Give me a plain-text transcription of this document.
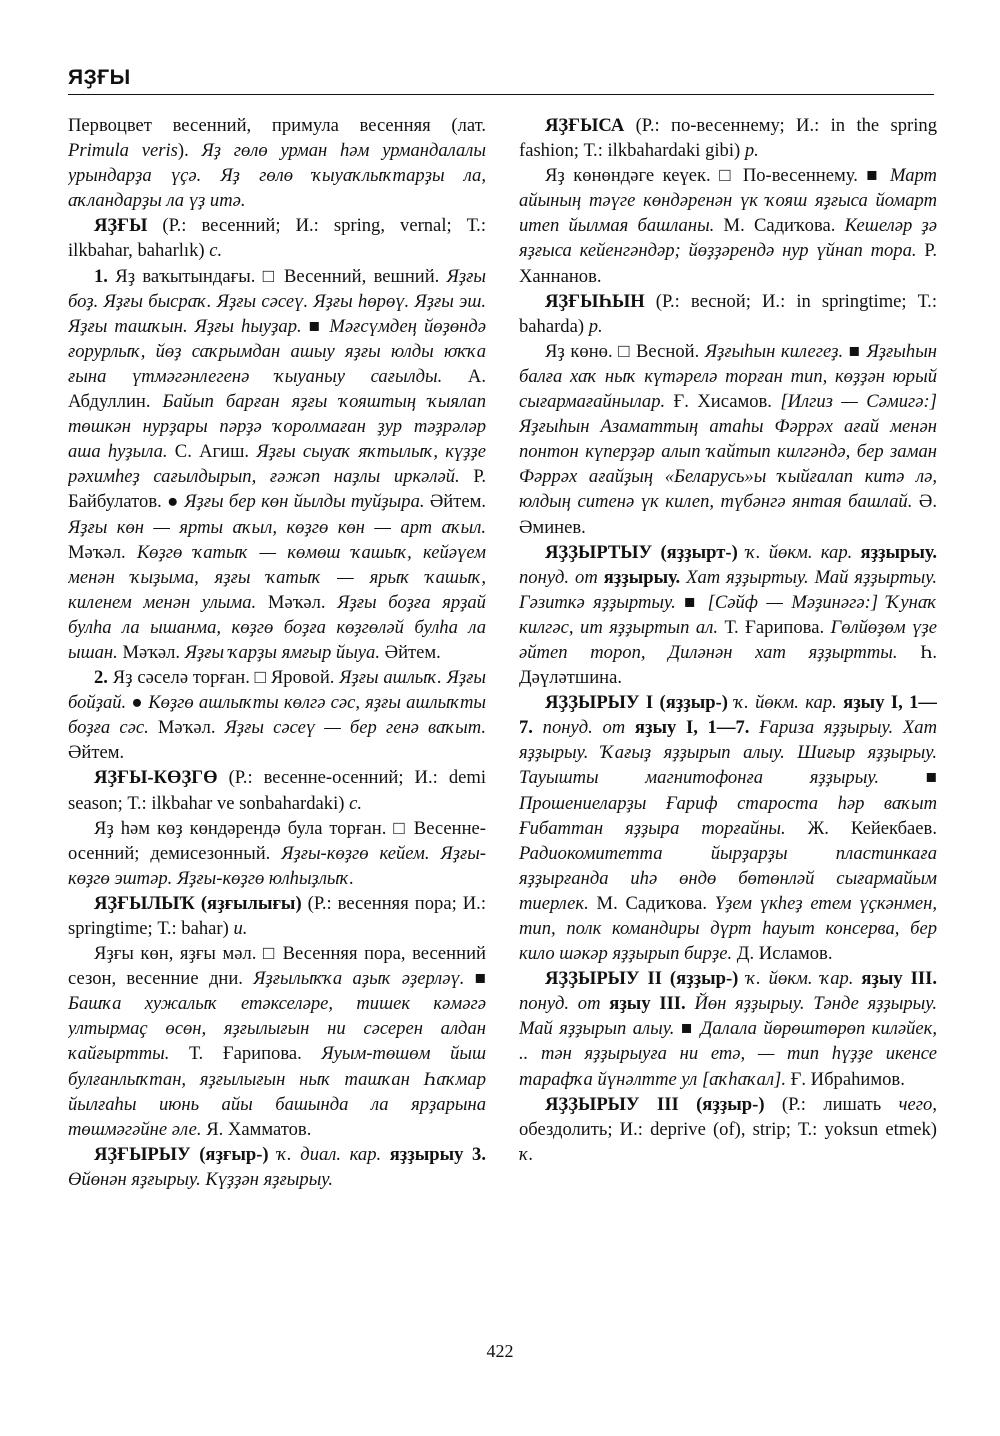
ЯҘҒЫ

Первоцвет весенний, примула весенняя (лат. Primula veris). Яҙ гөлө урман һәм урмандалалы урындарҙа үҫә. Яҙ гөлө ҡыуаҡлыҡтарҙы ла, аҡландарҙы ла үҙ итә.

ЯҘҒЫ (Р.: весенний; И.: spring, vernal; Т.: ilkbahar, baharlık) с.

1. Яҙ ваҡытындағы. □ Весенний, вешний. Яҙғы боҙ. Яҙғы бысраҡ. Яҙғы сәсеү. Яҙғы һөрөү. Яҙғы эш. Яҙғы ташҡын. Яҙғы һыуҙар. ■ Мәғсүмдең йөҙөндә ғорурлыҡ, йөҙ саҡрымдан ашыу яҙғы юлды юҡҡа ғына үтмәгәнлегенә ҡыуаныу сағылды. А. Абдуллин. Байып барған яҙғы ҡояштың ҡыялап төшкән нурҙары пәрҙә ҡоролмаған ҙур тәҙрәләр аша һуҙыла. С. Агиш. Яҙғы сыуаҡ яҡтылыҡ, күҙҙе рәхимһеҙ сағылдырып, ғәжәп наҙлы иркәләй. Р. Байбулатов. ● Яҙғы бер көн йылды туйҙыра. Әйтем. Яҙғы көн — ярты аҡыл, көҙгө көн — арт аҡыл. Мәҡәл. Көҙгө ҡатыҡ — көмөш ҡашыҡ, кейәүем менән ҡыҙыма, яҙғы ҡатыҡ — ярыҡ ҡашыҡ, киленем менән улыма. Мәҡәл. Яҙғы боҙға ярҙай булһа ла ышанма, көҙгө боҙға көҙгөләй булһа ла ышан. Мәҡәл. Яҙғы ҡарҙы ямғыр йыуа. Әйтем.

2. Яҙ сәселә торған. □ Яровой. Яҙғы ашлыҡ. Яҙғы бойҙай. ● Көҙгө ашлыҡты көлгә сәс, яҙғы ашлыҡты боҙға сәс. Мәҡәл. Яҙғы сәсеү — бер генә ваҡыт. Әйтем.

ЯҘҒЫ-КӨҘГӨ (Р.: весенне-осенний; И.: demi season; Т.: ilkbahar ve sonbahardaki) с.

Яҙ һәм көҙ көндәрендә була торған. □ Весенне-осенний; демисезонный. Яҙғы-көҙгө кейем. Яҙғы-көҙгө эштәр. Яҙғы-көҙгө юлһыҙлыҡ.

ЯҘҒЫЛЫҠ (яҙғылығы) (Р.: весенняя пора; И.: springtime; Т.: bahar) и.

Яҙғы көн, яҙғы мәл. □ Весенняя пора, весенний сезон, весенние дни. Яҙғылыҡҡа аҙыҡ әҙерләү. ■ Башҡа хужалыҡ етәкселәре, тишек кәмәгә ултырмаҫ өсөн, яҙғылығын ни сәсерен алдан ҡайғыртты. Т. Ғарипова. Яуым-төшөм йыш булғанлыҡтан, яҙғылығын ныҡ ташҡан Һаҡмар йылғаһы июнь айы башында ла ярҙарына төшмәгәйне әле. Я. Хамматов.

ЯҘҒЫРЫУ (яҙғыр-) ҡ. диал. кар. яҙҙырыу 3. Өйөнән яҙғырыу. Күҙҙән яҙғырыу.

ЯҘҒЫСА (Р.: по-весеннему; И.: in the spring fashion; Т.: ilkbahardaki gibi) р.

Яҙ көнөндәге кеүек. □ По-весеннему. ■ Март айының тәүге көндәренән үк ҡояш яҙғыса йомарт итеп йылмая башланы. М. Садиҡова. Кешеләр ҙә яҙғыса кейенгәндәр; йөҙҙәрендә нур үйнап тора. Р. Ханнанов.

ЯҘҒЫҺЫН (Р.: весной; И.: in springtime; Т.: baharda) р.

Яҙ көнө. □ Весной. Яҙғыһын килегеҙ. ■ Яҙғыһын балға хаҡ ныҡ күтәрелә торған тип, көҙҙән юрый сығармағайнылар. Ғ. Хисамов. [Илгиз — Сәмигә:] Яҙғыһын Азаматтың атаһы Фәррәх ағай менән понтон күперҙәр алып ҡайтып килгәндә, бер заман Фәррәх ағайҙың «Беларусь»ы ҡыйғалап китә лә, юлдың ситенә үк килеп, түбәнгә янтая башлай. Ә. Әминев.

ЯҘҘЫРТЫУ (яҙҙырт-) ҡ. йөкм. кар. яҙҙырыу. понуд. от яҙҙырыу. Хат яҙҙыртыу. Май яҙҙыртыу. Гәзиткә яҙҙыртыу. ■ [Сәйф — Мәҙинәгә:] Ҡунаҡ килгәс, ит яҙҙыртып ал. Т. Ғарипова. Гөлйөҙөм үҙе әйтеп тороп, Диләнән хат яҙҙыртты. Һ. Дәүләтшина.

ЯҘҘЫРЫУ I (яҙҙыр-) ҡ. йөкм. кар. яҙыу I, 1—7. понуд. от яҙыу I, 1—7. Ғариза яҙҙырыу. Хат яҙҙырыу. Ҡағыҙ яҙҙырып алыу. Шиғыр яҙҙырыу. Тауышты магнитофонға яҙҙырыу. ■ Прошениеларҙы Ғариф староста һәр ваҡыт Ғибаттан яҙҙыра торғайны. Ж. Кейекбаев. Радиокомитетта йырҙарҙы пластинкаға яҙҙырғанда иһә өндө бөтөнләй сығармайым тиерлек. М. Садиҡова. Үҙем үкһеҙ етем үҫкәнмен, тип, полк командиры дүрт һауыт консерва, бер кило шәкәр яҙҙырып бирҙе. Д. Исламов.

ЯҘҘЫРЫУ II (яҙҙыр-) ҡ. йөкм. ҡар. яҙыу III. понуд. от яҙыу III. Йөн яҙҙырыу. Тәнде яҙҙырыу. Май яҙҙырып алыу. ■ Далала йөрөштөрөп киләйек, .. тән яҙҙырыуға ни етә, — тип һүҙҙе икенсе тарафҡа йүнәлтте ул [аҡһаҡал]. Ғ. Ибраһимов.

ЯҘҘЫРЫУ III (яҙҙыр-) (Р.: лишать чего, обездолить; И.: deprive (of), strip; Т.: yoksun etmek) ҡ.

422
